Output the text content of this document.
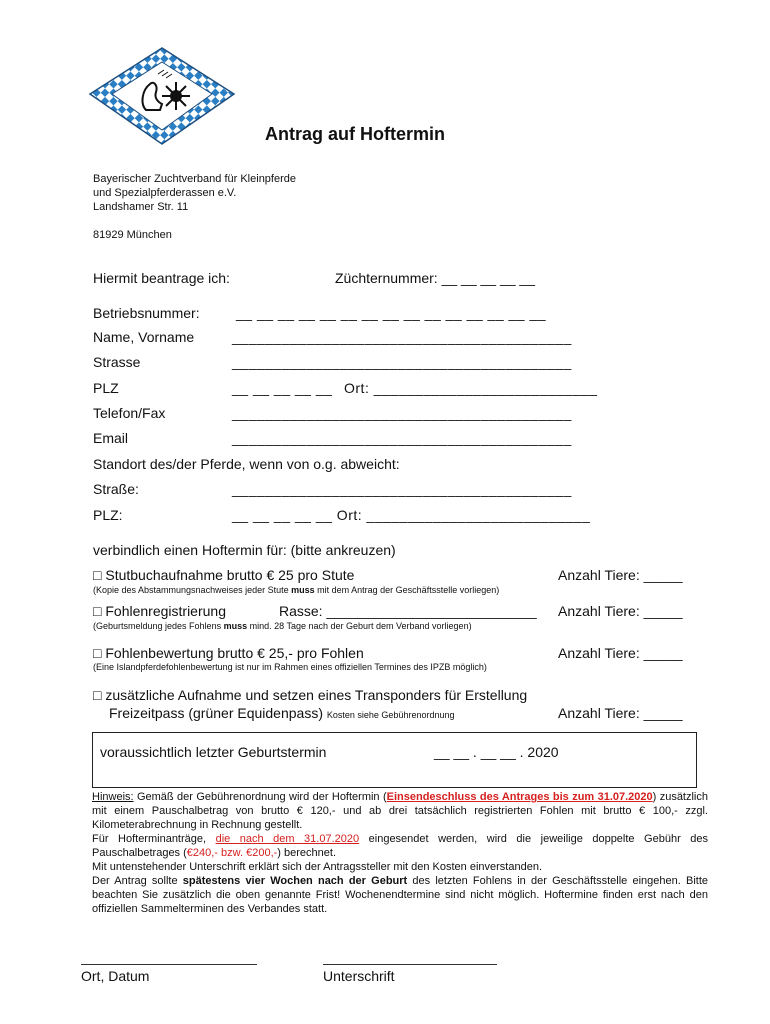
Antrag auf Hoftermin
Bayerischer Zuchtverband für Kleinpferde
und Spezialpferderassen e.V.
Landshamer Str. 11
81929 München
Hiermit beantrage ich:	Züchternummer: __ __ __ __ __
Betriebsnummer:	__ __ __ __ __ __ __ __ __ __ __ __ __ __ __
Name, Vorname	_________________________________________
Strasse	_________________________________________
PLZ	__ __ __ __ __ Ort: ___________________________
Telefon/Fax	_________________________________________
Email	_________________________________________
Standort des/der Pferde, wenn von o.g. abweicht:
Straße:	_________________________________________
PLZ:	__ __ __ __ __ Ort: ___________________________
verbindlich einen Hoftermin für: (bitte ankreuzen)
□ Stutbuchaufnahme brutto € 25 pro Stute	Anzahl Tiere: _____
(Kopie des Abstammungsnachweises jeder Stute muss mit dem Antrag der Geschäftsstelle vorliegen)
□ Fohlenregistrierung	Rasse: ___________________________ Anzahl Tiere: _____
(Geburtsmeldung jedes Fohlens muss mind. 28 Tage nach der Geburt dem Verband vorliegen)
□ Fohlenbewertung brutto € 25,- pro Fohlen	Anzahl Tiere: _____
(Eine Islandpferdefohlenbewertung ist nur im Rahmen eines offiziellen Termines des IPZB möglich)
□ zusätzliche Aufnahme und setzen eines Transponders für Erstellung
Freizeitpass (grüner Equidenpass) Kosten siehe Gebührenordnung	Anzahl Tiere: _____
voraussichtlich letzter Geburtstermin	__ __ . __ __ . 2020

Hinweis: Gemäß der Gebührenordnung wird der Hoftermin (Einsendeschluss des Antrages bis zum 31.07.2020) zusätzlich mit einem Pauschalbetrag von brutto € 120,- und ab drei tatsächlich registrierten Fohlen mit brutto € 100,- zzgl. Kilometerabrechnung in Rechnung gestellt.

Für Hofterminanträge, die nach dem 31.07.2020 eingesendet werden, wird die jeweilige doppelte Gebühr des Pauschalbetrages (€240,- bzw. €200,-) berechnet.

Mit untenstehender Unterschrift erklärt sich der Antragssteller mit den Kosten einverstanden.

Der Antrag sollte spätestens vier Wochen nach der Geburt des letzten Fohlens in der Geschäftsstelle eingehen. Bitte beachten Sie zusätzlich die oben genannte Frist! Wochenendtermine sind nicht möglich. Hoftermine finden erst nach den offiziellen Sammelterminen des Verbandes statt.

Ort, Datum	Unterschrift
